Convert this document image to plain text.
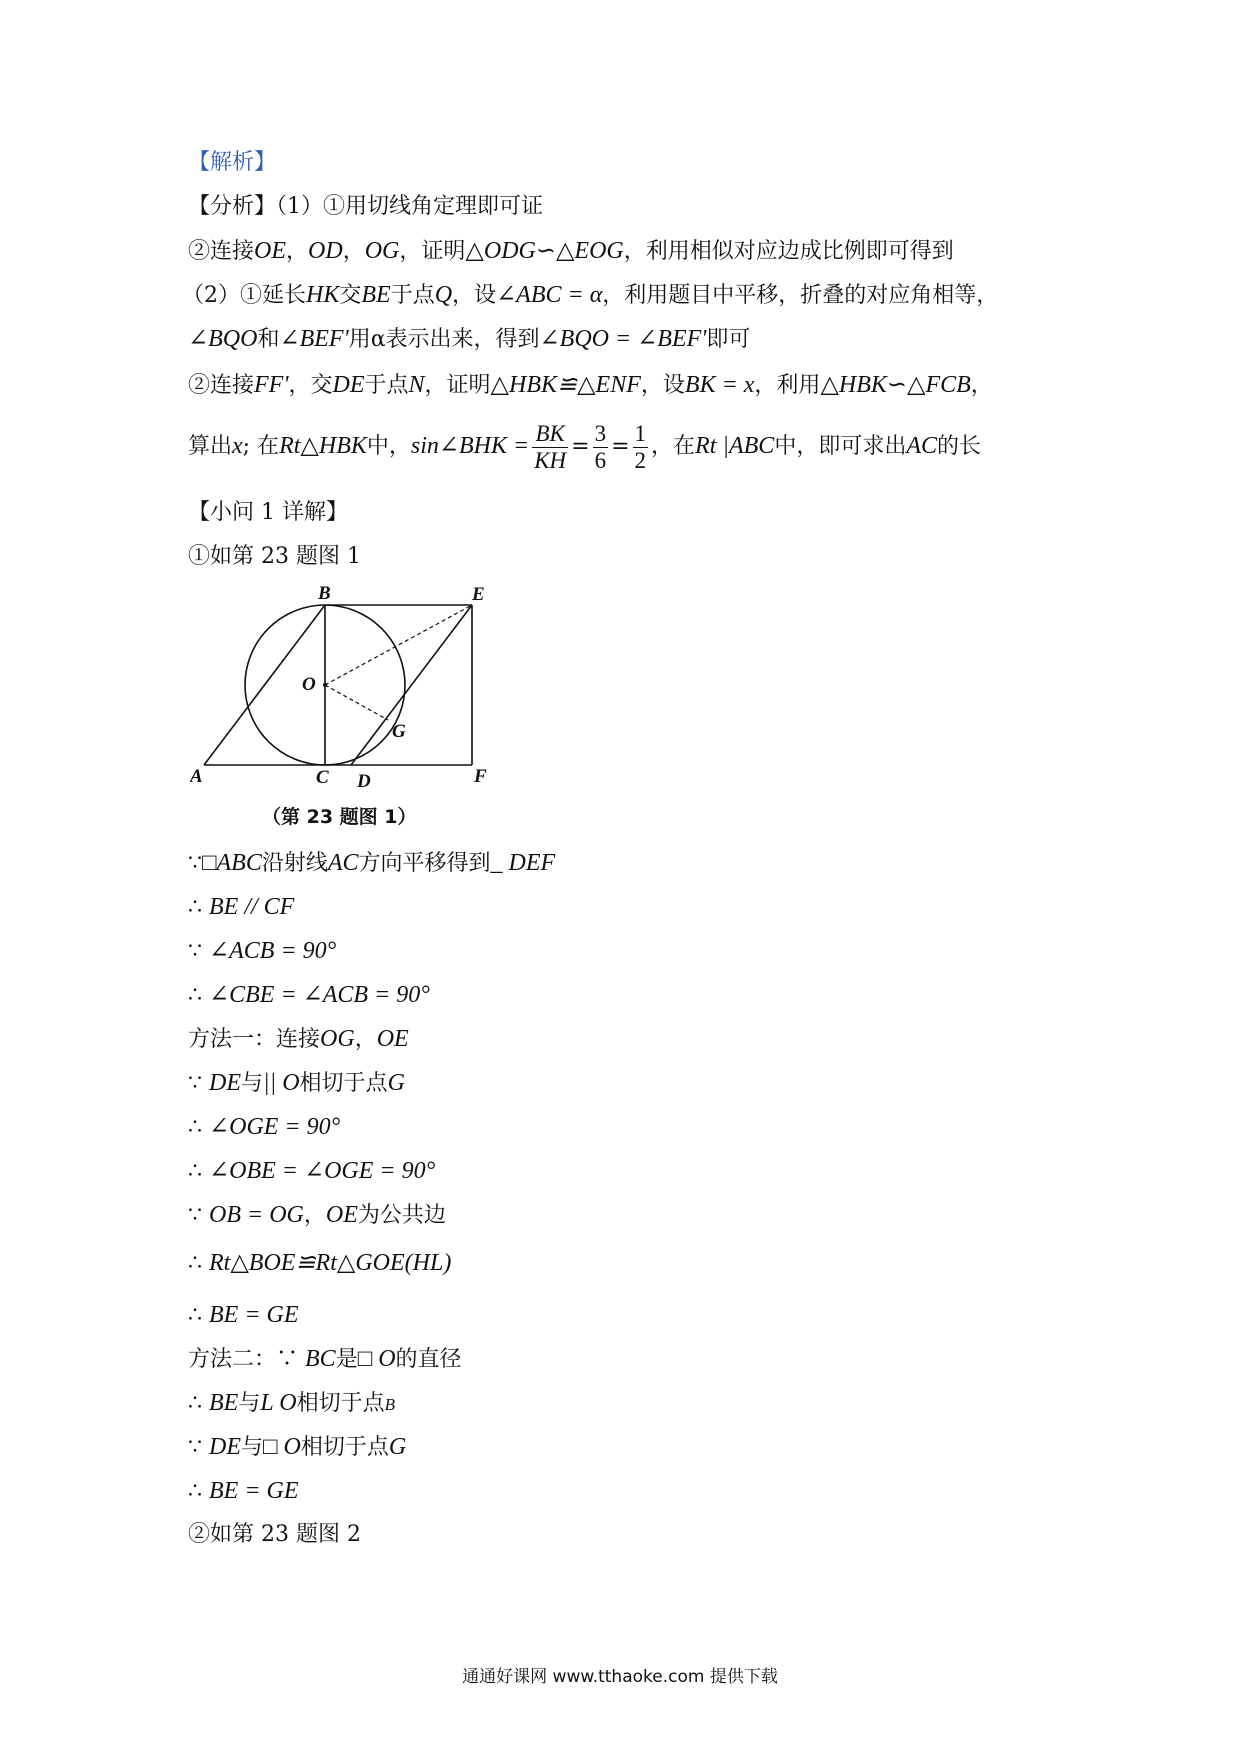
【解析】
【分析】（1）①用切线角定理即可证
②连接OE，OD，OG，证明△ODG∽△EOG，利用相似对应边成比例即可得到
（2）①延长HK交BE于点Q，设∠ABC = α，利用题目中平移，折叠的对应角相等，
∠BQO和∠BEF'用α表示出来，得到∠BQO = ∠BEF'即可
②连接FF'，交DE于点N，证明△HBK≌△ENF，设BK = x，利用△HBK∽△FCB，
算出x; 在Rt△HBK中，sin∠BHK = $\frac{BK}{KH} = \frac{3}{6} = \frac{1}{2}$ ，在Rt |ABC中，即可求出AC的长
【小问 1 详解】
①如第 23 题图 1
B	E
O
G
A	C D	F
（第 23 题图 1）
∵□ABC沿射线AC方向平移得到_ DEF
∴ BE // CF
∵ ∠ACB = 90°
∴ ∠CBE = ∠ACB = 90°
方法一：连接OG，OE
∵ DE与|| O相切于点G
∴ ∠OGE = 90°
∴ ∠OBE = ∠OGE = 90°
∵ OB = OG，OE为公共边
∴ Rt△BOE≌Rt△GOE(HL)
∴ BE = GE
方法二：∵ BC是□ O的直径
∴ BE与L O相切于点B
∵ DE与□ O相切于点G
∴ BE = GE
②如第 23 题图 2
通通好课网 www.tthaoke.com 提供下载
